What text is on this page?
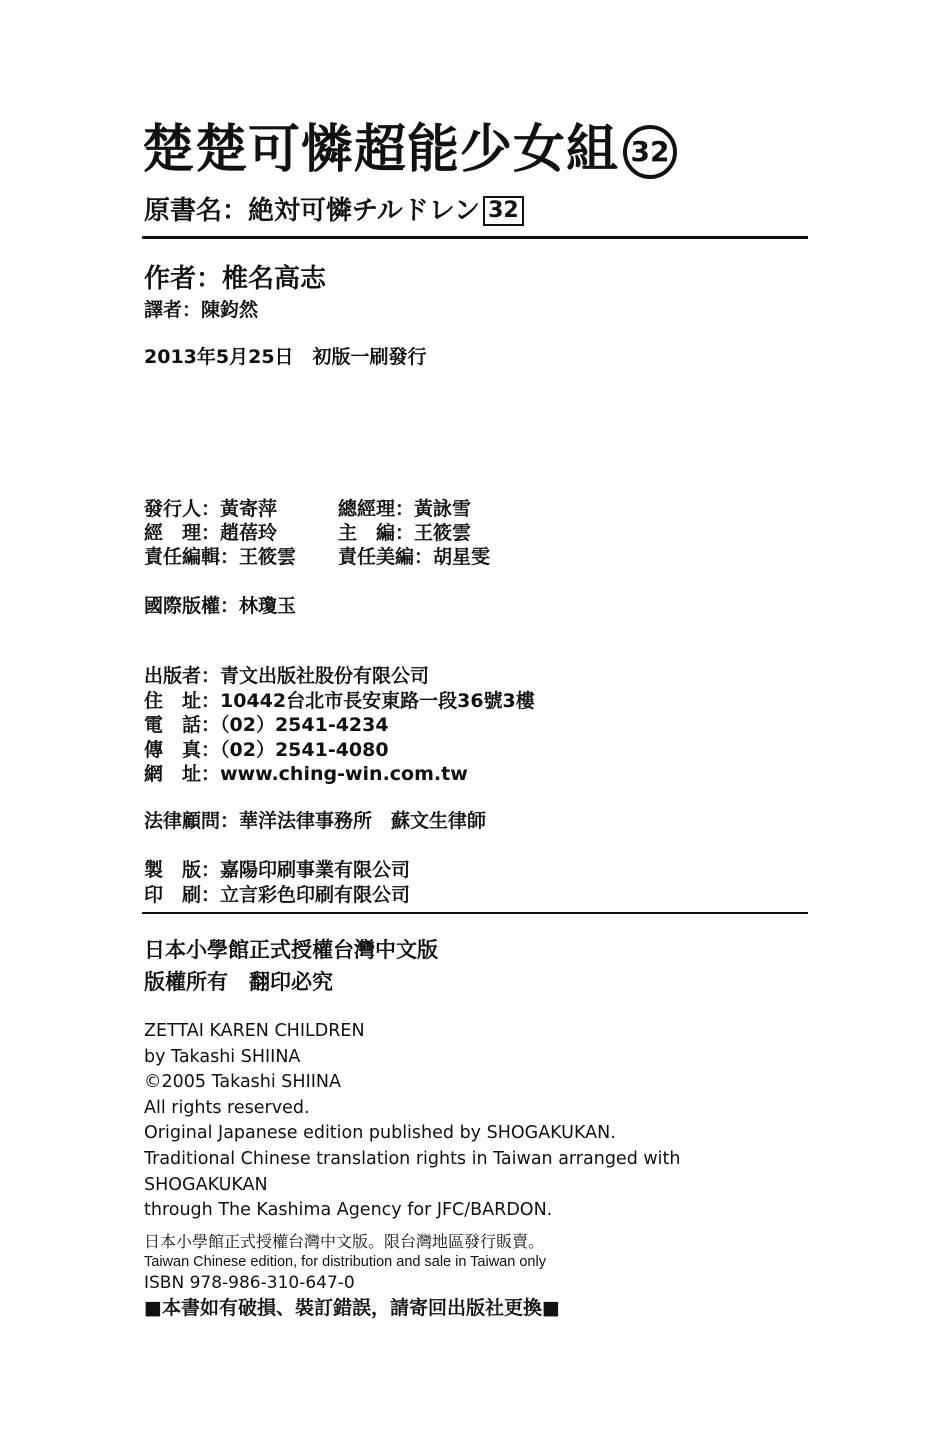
楚楚可憐超能少女組 32
原書名：絶対可憐チルドレン 32
作者：椎名高志
譯者：陳鈞然
2013年5月25日　初版一刷發行
發行人：黃寄萍	總經理：黃詠雪
經　理：趙蓓玲	主　編：王筱雲
責任編輯：王筱雲 責任美編：胡星雯
國際版權：林瓊玉
出版者：青文出版社股份有限公司
住　址：10442台北市長安東路一段36號3樓
電　話：（02）2541-4234
傳　真：（02）2541-4080
網　址：www.ching-win.com.tw
法律顧問：華洋法律事務所　蘇文生律師
製　版：嘉陽印刷事業有限公司
印　刷：立言彩色印刷有限公司
日本小學館正式授權台灣中文版
版權所有　翻印必究
ZETTAI KAREN CHILDREN
by Takashi SHIINA
©2005 Takashi SHIINA
All rights reserved.
Original Japanese edition published by SHOGAKUKAN.
Traditional Chinese translation rights in Taiwan arranged with
SHOGAKUKAN
through The Kashima Agency for JFC/BARDON.
日本小學館正式授權台灣中文版。限台灣地區發行販賣。
Taiwan Chinese edition, for distribution and sale in Taiwan only
ISBN 978-986-310-647-0
■本書如有破損、裝訂錯誤，請寄回出版社更換■
